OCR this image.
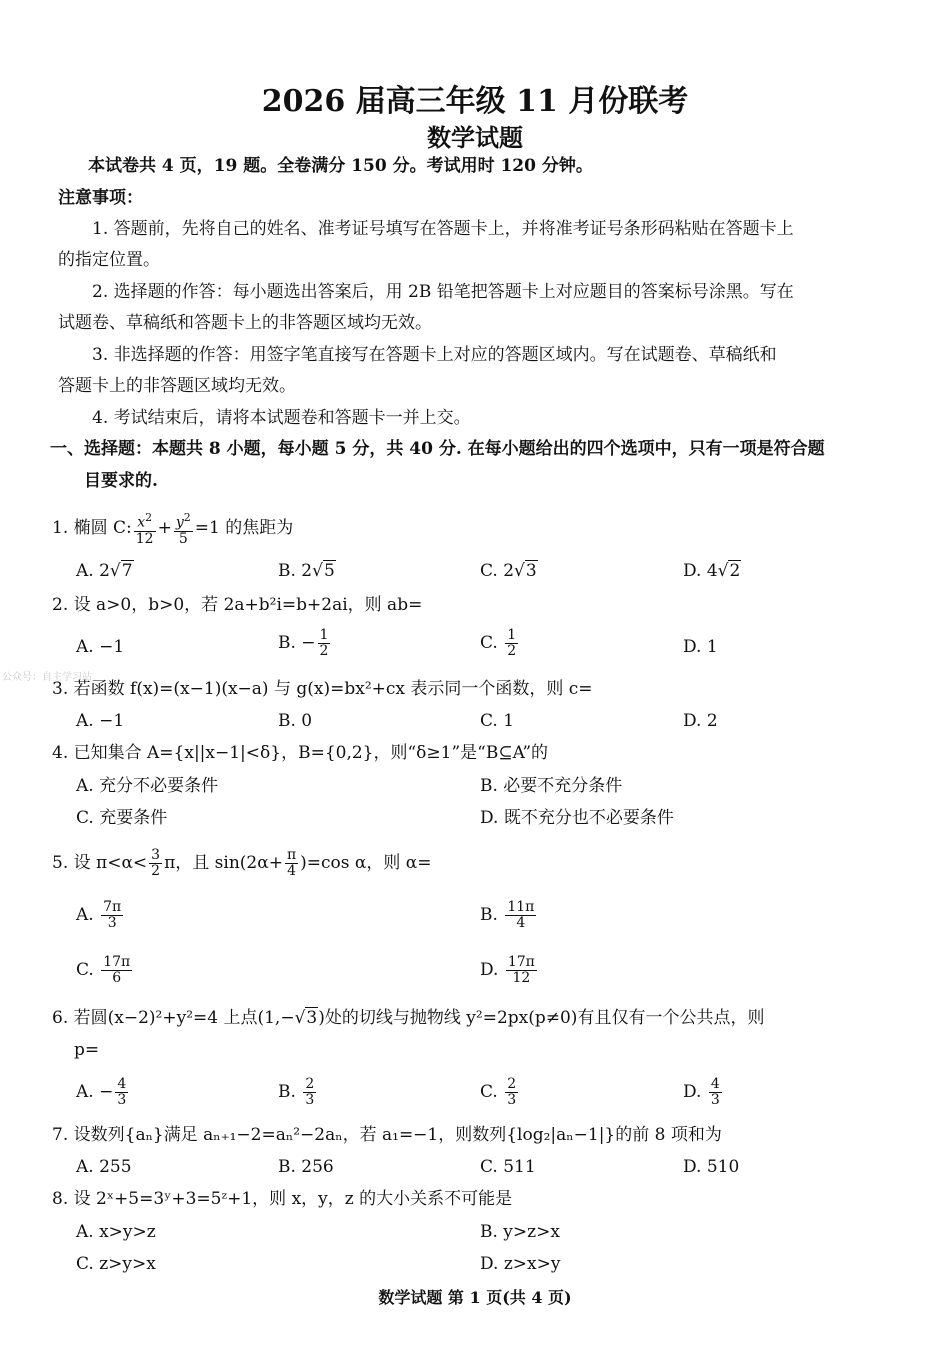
2026 届高三年级 11 月份联考
数学试题
本试卷共 4 页，19 题。全卷满分 150 分。考试用时 120 分钟。
注意事项：
1. 答题前，先将自己的姓名、准考证号填写在答题卡上，并将准考证号条形码粘贴在答题卡上
的指定位置。
2. 选择题的作答：每小题选出答案后，用 2B 铅笔把答题卡上对应题目的答案标号涂黑。写在
试题卷、草稿纸和答题卡上的非答题区域均无效。
3. 非选择题的作答：用签字笔直接写在答题卡上对应的答题区域内。写在试题卷、草稿纸和
答题卡上的非答题区域均无效。
4. 考试结束后，请将本试题卷和答题卡一并上交。
一、选择题：本题共 8 小题，每小题 5 分，共 40 分. 在每小题给出的四个选项中，只有一项是符合题
目要求的.
1. 椭圆 C: $\frac{x^2}{12} + \frac{y^2}{5} =1$ 的焦距为
A. 2√7	B. 2√5	C. 2√3	D. 4√2
2. 设 a>0，b>0，若 2a+b²i=b+2ai，则 ab=
A. −1	B. − $\frac{1}{2}$	C. $\frac{1}{2}$	D. 1
公众号：自主学习站
3. 若函数 f(x)=(x−1)(x−a) 与 g(x)=bx²+cx 表示同一个函数，则 c=
A. −1	B. 0	C. 1	D. 2
4. 已知集合 A={x||x−1|<δ}，B={0,2}，则“δ≥1”是“B⊆A”的
A. 充分不必要条件	B. 必要不充分条件
C. 充要条件	D. 既不充分也不必要条件
5. 设 $\pi<\alpha< \frac{3}{2}$ π，且 $\sin(2\alpha+ \frac{\pi}{4} )=\cos$ α，则 α=
A. $\frac{7\pi}{3}$	B. $\frac{11\pi}{4}$
C. $\frac{17\pi}{6}$	D. $\frac{17\pi}{12}$
6. 若圆(x−2)²+y²=4 上点(1,−√3)处的切线与抛物线 y²=2px(p≠0)有且仅有一个公共点，则
p=
A. − $\frac{4}{3}$	B. $\frac{2}{3}$	C. $\frac{2}{3}$	D. $\frac{4}{3}$
7. 设数列{aₙ}满足 aₙ₊₁−2=aₙ²−2aₙ，若 a₁=−1，则数列{log₂|aₙ−1|}的前 8 项和为
A. 255	B. 256	C. 511	D. 510
8. 设 2ˣ+5=3ʸ+3=5ᶻ+1，则 x，y，z 的大小关系不可能是
A. x>y>z	B. y>z>x
C. z>y>x	D. z>x>y
数学试题 第 1 页(共 4 页)
